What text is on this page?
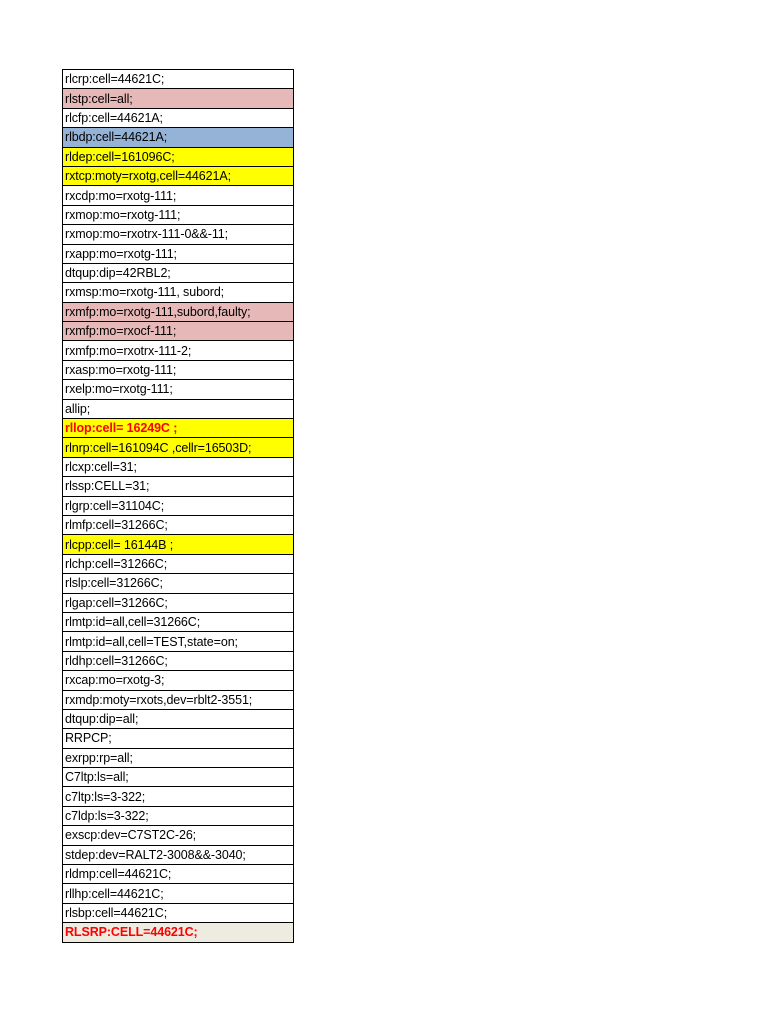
rlcrp:cell=44621C;
rlstp:cell=all;
rlcfp:cell=44621A;
rlbdp:cell=44621A;
rldep:cell=161096C;
rxtcp:moty=rxotg,cell=44621A;
rxcdp:mo=rxotg-111;
rxmop:mo=rxotg-111;
rxmop:mo=rxotrx-111-0&&-11;
rxapp:mo=rxotg-111;
dtqup:dip=42RBL2;
rxmsp:mo=rxotg-111, subord;
rxmfp:mo=rxotg-111,subord,faulty;
rxmfp:mo=rxocf-111;
rxmfp:mo=rxotrx-111-2;
rxasp:mo=rxotg-111;
rxelp:mo=rxotg-111;
allip;
rllop:cell= 16249C ;
rlnrp:cell=161094C ,cellr=16503D;
rlcxp:cell=31;
rlssp:CELL=31;
rlgrp:cell=31104C;
rlmfp:cell=31266C;
rlcpp:cell= 16144B ;
rlchp:cell=31266C;
rlslp:cell=31266C;
rlgap:cell=31266C;
rlmtp:id=all,cell=31266C;
rlmtp:id=all,cell=TEST,state=on;
rldhp:cell=31266C;
rxcap:mo=rxotg-3;
rxmdp:moty=rxots,dev=rblt2-3551;
dtqup:dip=all;
RRPCP;
exrpp:rp=all;
C7ltp:ls=all;
c7ltp:ls=3-322;
c7ldp:ls=3-322;
exscp:dev=C7ST2C-26;
stdep:dev=RALT2-3008&&-3040;
rldmp:cell=44621C;
rllhp:cell=44621C;
rlsbp:cell=44621C;
RLSRP:CELL=44621C;
